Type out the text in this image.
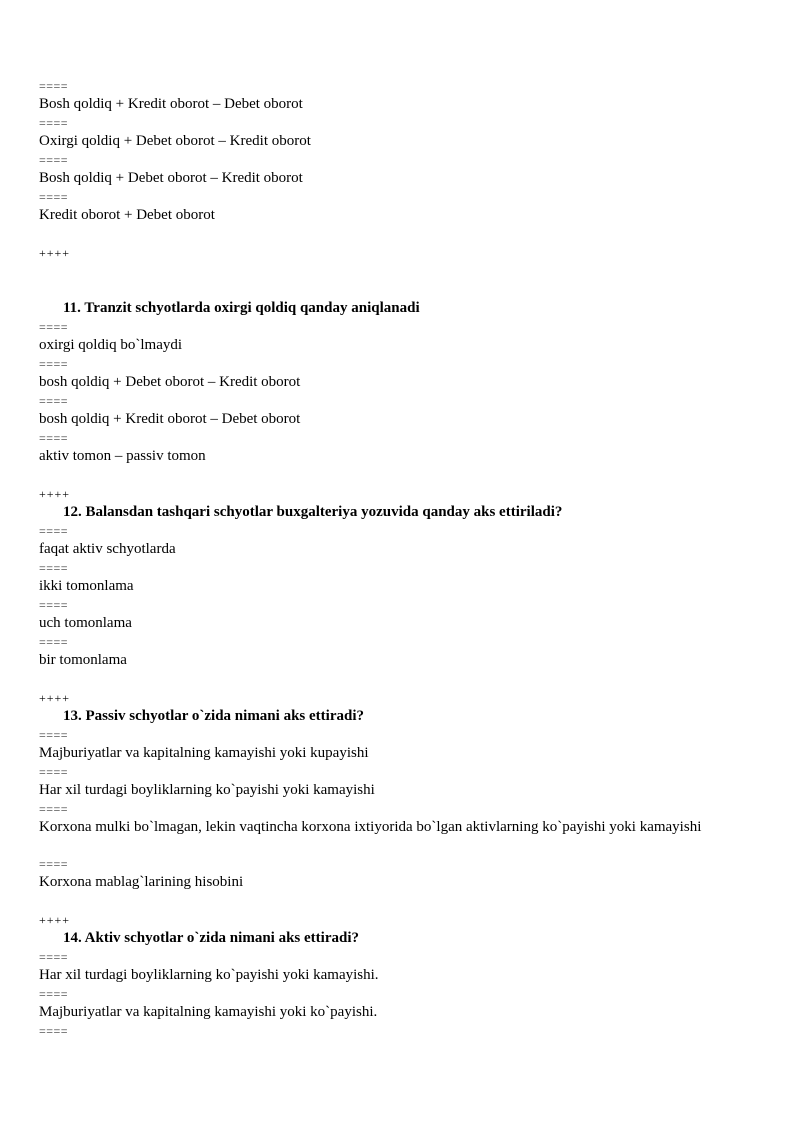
====
Bosh qoldiq + Kredit oborot – Debet oborot
====
Oxirgi qoldiq + Debet oborot – Kredit oborot
====
Bosh qoldiq + Debet oborot – Kredit oborot
====
Kredit oborot + Debet oborot
++++
11. Tranzit schyotlarda oxirgi qoldiq qanday aniqlanadi
====
oxirgi qoldiq bo`lmaydi
====
bosh qoldiq + Debet oborot – Kredit oborot
====
bosh qoldiq + Kredit oborot – Debet oborot
====
aktiv tomon – passiv tomon
++++
12. Balansdan tashqari schyotlar buxgalteriya yozuvida qanday aks ettiriladi?
====
faqat aktiv schyotlarda
====
ikki tomonlama
====
uch tomonlama
====
bir tomonlama
++++
13. Passiv schyotlar o`zida nimani aks ettiradi?
====
Majburiyatlar va kapitalning kamayishi yoki kupayishi
====
Har xil turdagi boyliklarning ko`payishi yoki kamayishi
====
Korxona mulki bo`lmagan, lekin vaqtincha korxona ixtiyorida bo`lgan aktivlarning ko`payishi yoki kamayishi
====
Korxona mablag`larining hisobini
++++
14. Aktiv schyotlar o`zida nimani aks ettiradi?
====
Har xil turdagi boyliklarning ko`payishi yoki kamayishi.
====
Majburiyatlar va kapitalning kamayishi yoki ko`payishi.
====
